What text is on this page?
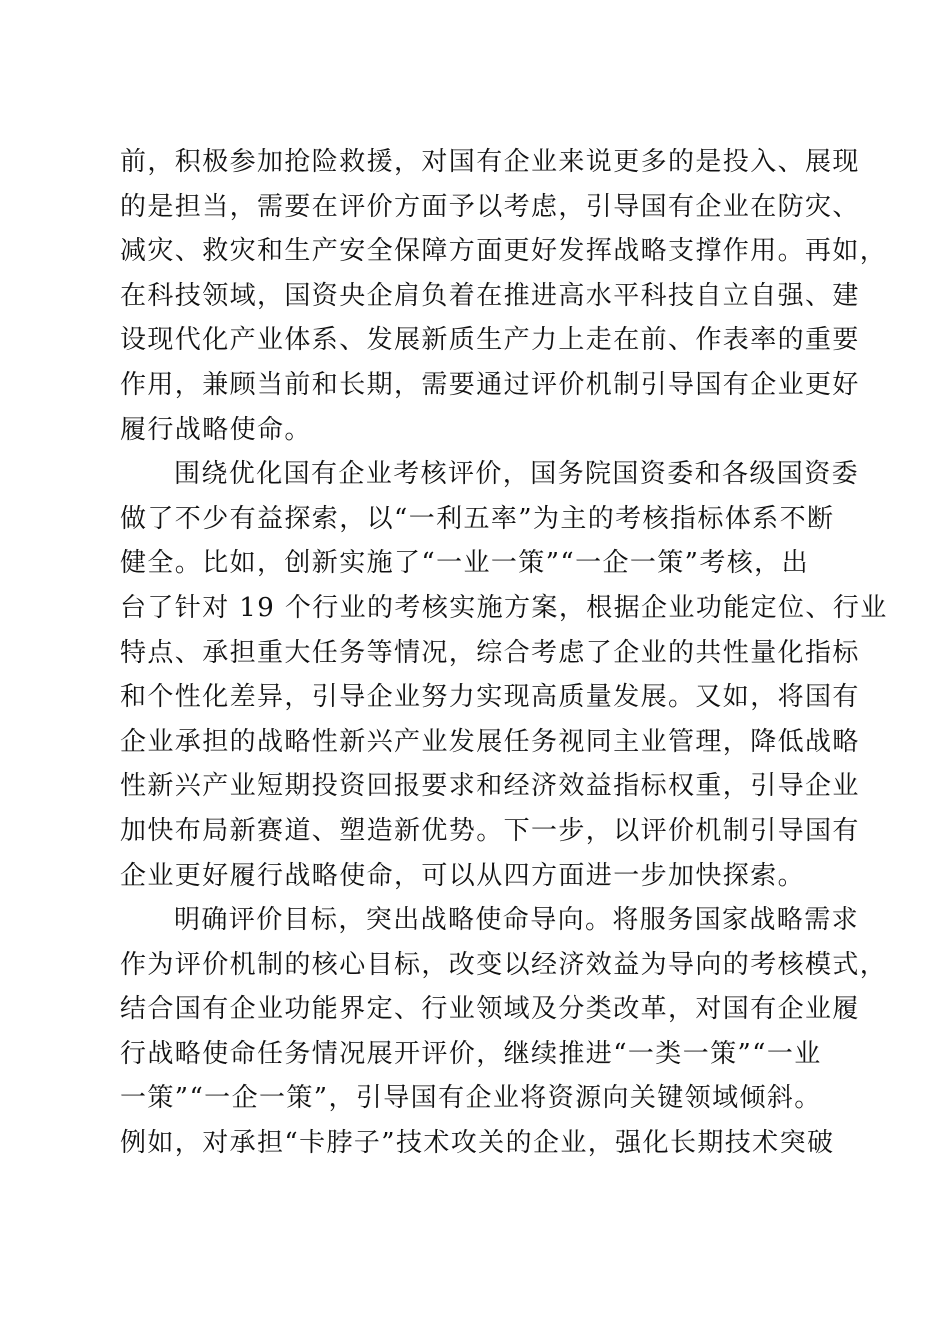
前，积极参加抢险救援，对国有企业来说更多的是投入、展现
的是担当，需要在评价方面予以考虑，引导国有企业在防灾、
减灾、救灾和生产安全保障方面更好发挥战略支撑作用。再如，
在科技领域，国资央企肩负着在推进高水平科技自立自强、建
设现代化产业体系、发展新质生产力上走在前、作表率的重要
作用，兼顾当前和长期，需要通过评价机制引导国有企业更好
履行战略使命。
围绕优化国有企业考核评价，国务院国资委和各级国资委
做了不少有益探索，以“一利五率”为主的考核指标体系不断
健全。比如，创新实施了“一业一策”“一企一策”考核，出
台了针对 19 个行业的考核实施方案，根据企业功能定位、行业
特点、承担重大任务等情况，综合考虑了企业的共性量化指标
和个性化差异，引导企业努力实现高质量发展。又如，将国有
企业承担的战略性新兴产业发展任务视同主业管理，降低战略
性新兴产业短期投资回报要求和经济效益指标权重，引导企业
加快布局新赛道、塑造新优势。下一步，以评价机制引导国有
企业更好履行战略使命，可以从四方面进一步加快探索。
明确评价目标，突出战略使命导向。将服务国家战略需求
作为评价机制的核心目标，改变以经济效益为导向的考核模式，
结合国有企业功能界定、行业领域及分类改革，对国有企业履
行战略使命任务情况展开评价，继续推进“一类一策”“一业
一策”“一企一策”，引导国有企业将资源向关键领域倾斜。
例如，对承担“卡脖子”技术攻关的企业，强化长期技术突破
